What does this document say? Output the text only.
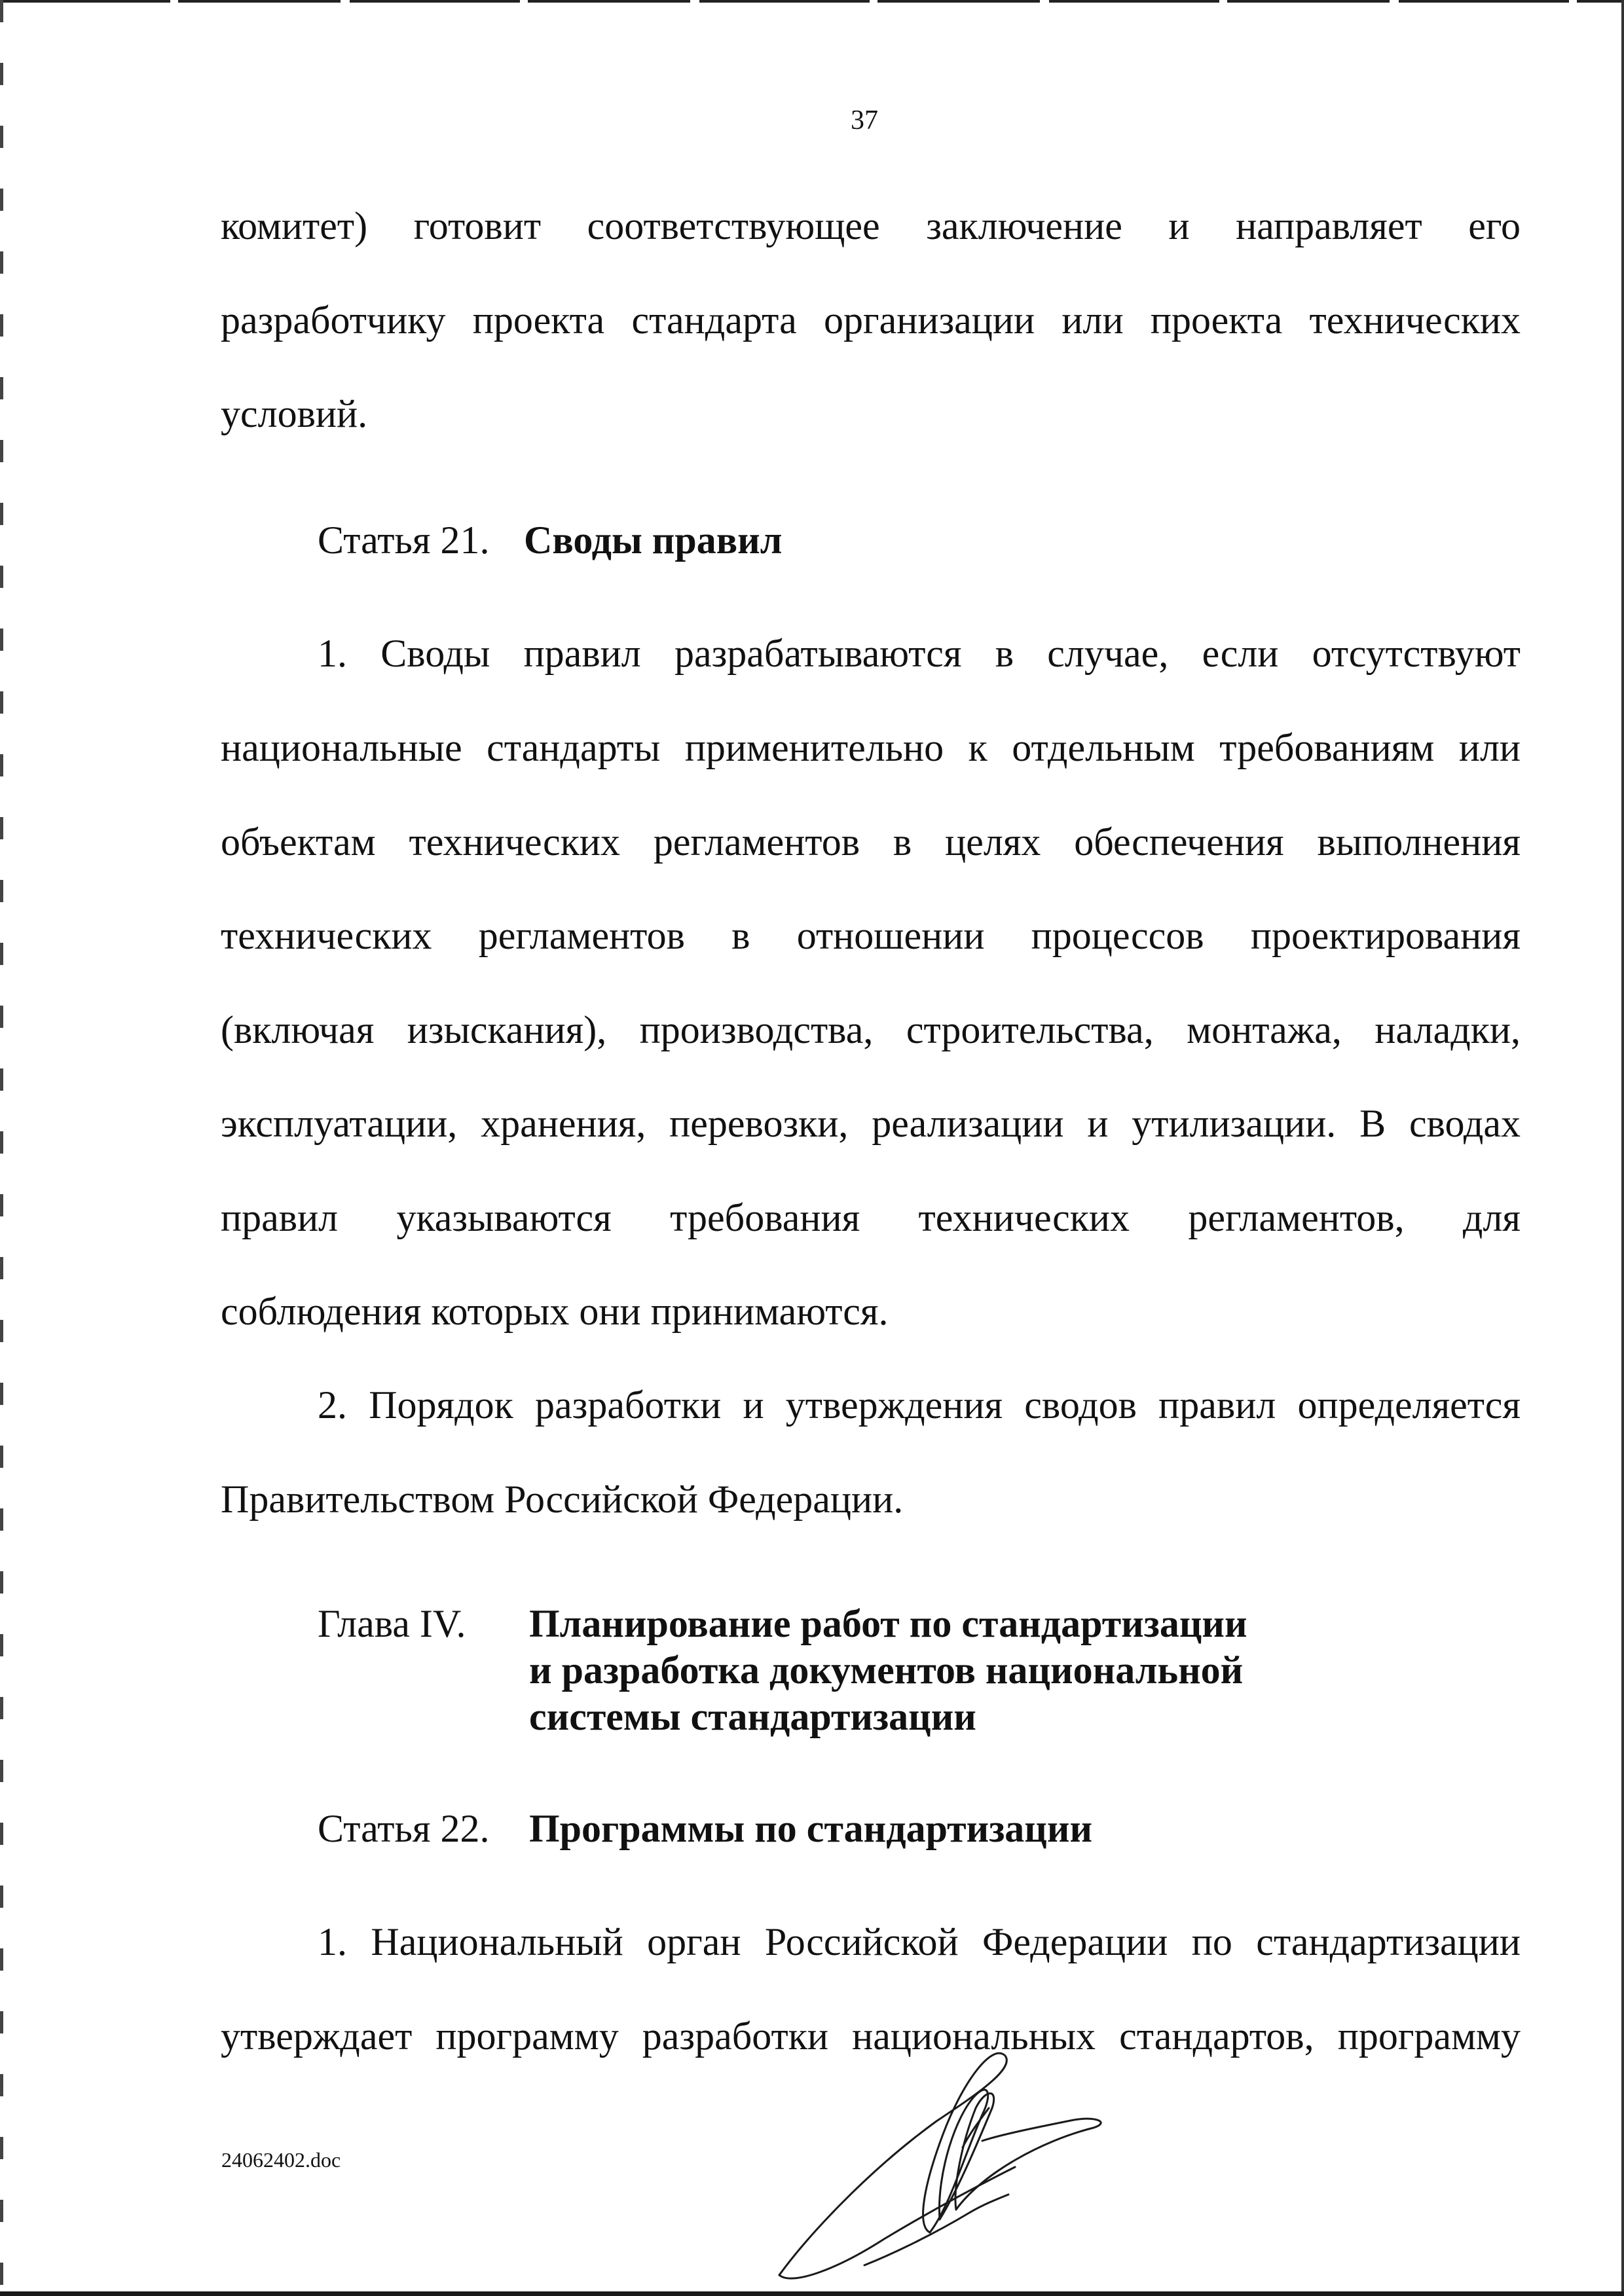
37
комитет) готовит соответствующее заключение и направляет его
разработчику проекта стандарта организации или проекта технических
условий.
Статья 21. Своды правил
1. Своды правил разрабатываются в случае, если отсутствуют
национальные стандарты применительно к отдельным требованиям или
объектам технических регламентов в целях обеспечения выполнения
технических регламентов в отношении процессов проектирования
(включая изыскания), производства, строительства, монтажа, наладки,
эксплуатации, хранения, перевозки, реализации и утилизации. В сводах
правил указываются требования технических регламентов, для
соблюдения которых они принимаются.
2. Порядок разработки и утверждения сводов правил определяется
Правительством Российской Федерации.
Глава IV. Планирование работ по стандартизации
и разработка документов национальной
системы стандартизации
Статья 22. Программы по стандартизации
1. Национальный орган Российской Федерации по стандартизации
утверждает программу разработки национальных стандартов, программу
24062402.doc
